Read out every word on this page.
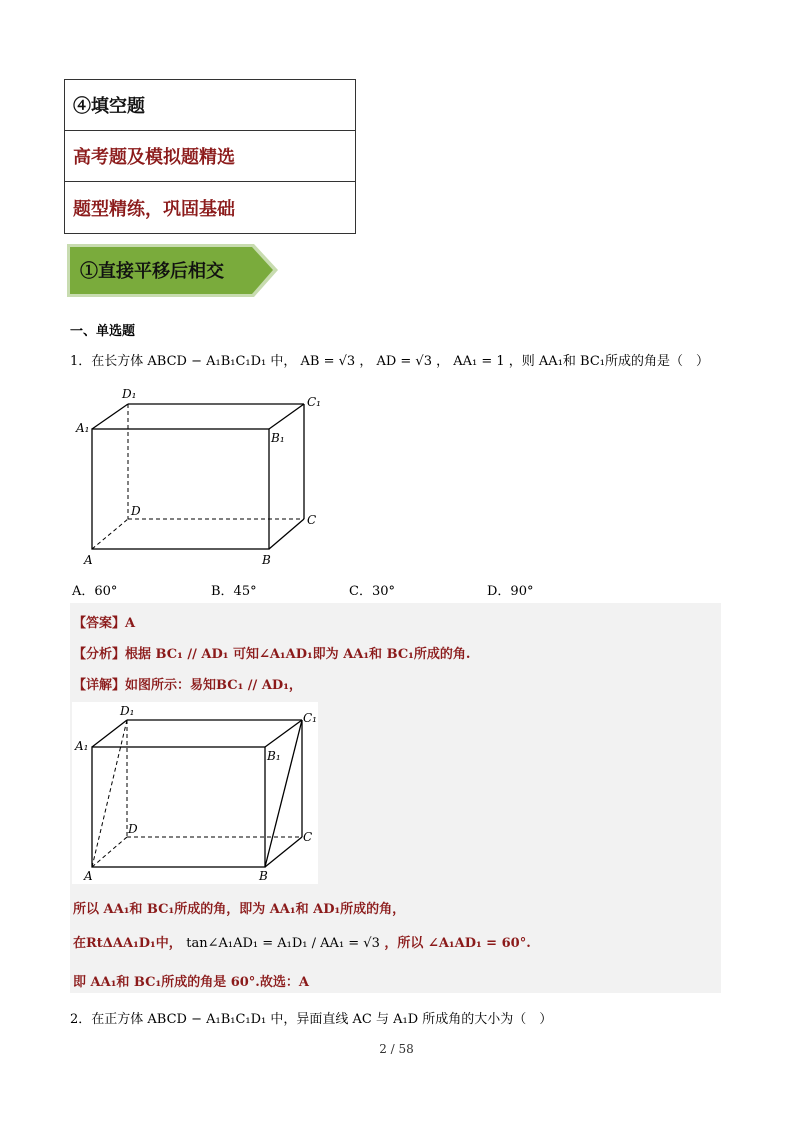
④填空题
高考题及模拟题精选
题型精练，巩固基础
①直接平移后相交
一、单选题
1．在长方体 ABCD − A₁B₁C₁D₁ 中， AB = √3 ， AD = √3 ， AA₁ = 1 ，则 AA₁和 BC₁所成的角是（　）
D₁
C₁
A₁
B₁
D
C
A	B
A．60°	B．45°	C．30°	D．90°
【答案】A
【分析】根据 BC₁ // AD₁ 可知∠A₁AD₁即为 AA₁和 BC₁所成的角.
【详解】如图所示：易知BC₁ // AD₁，
D₁	C₁
A₁
B₁
D
C
A	B
所以 AA₁和 BC₁所成的角，即为 AA₁和 AD₁所成的角，
在RtΔAA₁D₁中， tan∠A₁AD₁ = A₁D₁ / AA₁ = √3 ，所以 ∠A₁AD₁ = 60°.
即 AA₁和 BC₁所成的角是 60°.故选：A
2．在正方体 ABCD − A₁B₁C₁D₁ 中，异面直线 AC 与 A₁D 所成角的大小为（　）
2 / 58
